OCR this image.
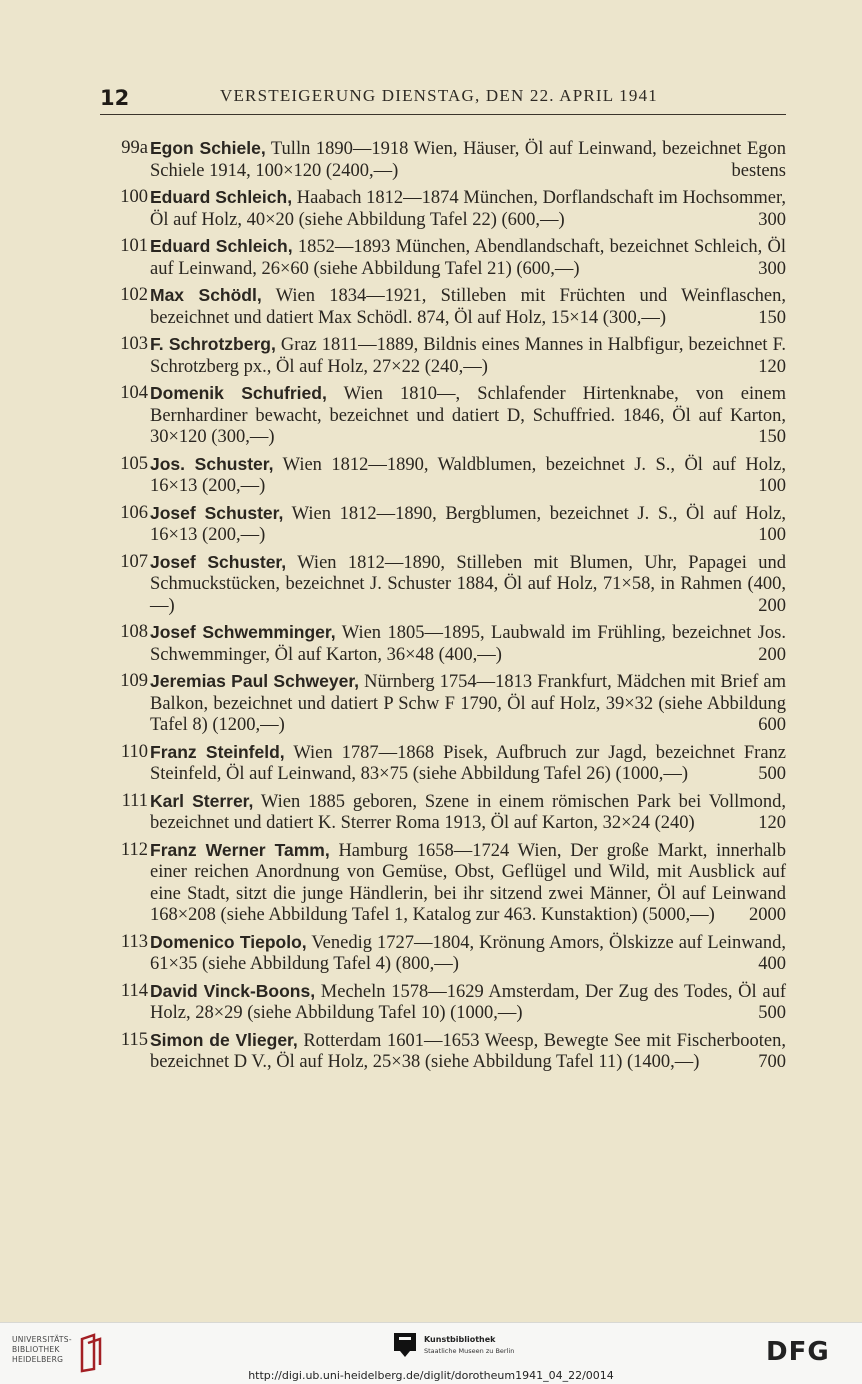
12	VERSTEIGERUNG DIENSTAG, DEN 22. APRIL 1941
99a Egon Schiele, Tulln 1890—1918 Wien, Häuser, Öl auf Leinwand, bezeichnet Egon Schiele 1914, 100×120 (2400,—)	bestens
100 Eduard Schleich, Haabach 1812—1874 München, Dorflandschaft im Hochsommer, Öl auf Holz, 40×20 (siehe Abbildung Tafel 22) (600,—)	300
101 Eduard Schleich, 1852—1893 München, Abendlandschaft, bezeichnet Schleich, Öl auf Leinwand, 26×60 (siehe Abbildung Tafel 21) (600,—)	300
102 Max Schödl, Wien 1834—1921, Stilleben mit Früchten und Weinflaschen, bezeichnet und datiert Max Schödl. 874, Öl auf Holz, 15×14 (300,—)	150
103 F. Schrotzberg, Graz 1811—1889, Bildnis eines Mannes in Halbfigur, bezeichnet F. Schrotzberg px., Öl auf Holz, 27×22 (240,—)	120
104 Domenik Schufried, Wien 1810—, Schlafender Hirtenknabe, von einem Bernhardiner bewacht, bezeichnet und datiert D, Schuffried. 1846, Öl auf Karton, 30×120 (300,—)	150
105 Jos. Schuster, Wien 1812—1890, Waldblumen, bezeichnet J. S., Öl auf Holz, 16×13 (200,—)	100
106 Josef Schuster, Wien 1812—1890, Bergblumen, bezeichnet J. S., Öl auf Holz, 16×13 (200,—)	100
107 Josef Schuster, Wien 1812—1890, Stilleben mit Blumen, Uhr, Papagei und Schmuckstücken, bezeichnet J. Schuster 1884, Öl auf Holz, 71×58, in Rahmen (400,—)	200
108 Josef Schwemminger, Wien 1805—1895, Laubwald im Frühling, bezeichnet Jos. Schwemminger, Öl auf Karton, 36×48 (400,—)	200
109 Jeremias Paul Schweyer, Nürnberg 1754—1813 Frankfurt, Mädchen mit Brief am Balkon, bezeichnet und datiert P Schw F 1790, Öl auf Holz, 39×32 (siehe Abbildung Tafel 8) (1200,—)	600
110 Franz Steinfeld, Wien 1787—1868 Pisek, Aufbruch zur Jagd, bezeichnet Franz Steinfeld, Öl auf Leinwand, 83×75 (siehe Abbildung Tafel 26) (1000,—)	500
111 Karl Sterrer, Wien 1885 geboren, Szene in einem römischen Park bei Vollmond, bezeichnet und datiert K. Sterrer Roma 1913, Öl auf Karton, 32×24 (240)	120
112 Franz Werner Tamm, Hamburg 1658—1724 Wien, Der große Markt, innerhalb einer reichen Anordnung von Gemüse, Obst, Geflügel und Wild, mit Ausblick auf eine Stadt, sitzt die junge Händlerin, bei ihr sitzend zwei Männer, Öl auf Leinwand 168×208 (siehe Abbildung Tafel 1, Katalog zur 463. Kunstaktion) (5000,—) 2000
113 Domenico Tiepolo, Venedig 1727—1804, Krönung Amors, Ölskizze auf Leinwand, 61×35 (siehe Abbildung Tafel 4) (800,—)	400
114 David Vinck-Boons, Mecheln 1578—1629 Amsterdam, Der Zug des Todes, Öl auf Holz, 28×29 (siehe Abbildung Tafel 10) (1000,—)	500
115 Simon de Vlieger, Rotterdam 1601—1653 Weesp, Bewegte See mit Fischerbooten, bezeichnet D V., Öl auf Holz, 25×38 (siehe Abbildung Tafel 11) (1400,—)	700
UNIVERSITÄTS-BIBLIOTHEK HEIDELBERG
Kunstbibliothek
Staatliche Museen zu Berlin	DFG
http://digi.ub.uni-heidelberg.de/diglit/dorotheum1941_04_22/0014
